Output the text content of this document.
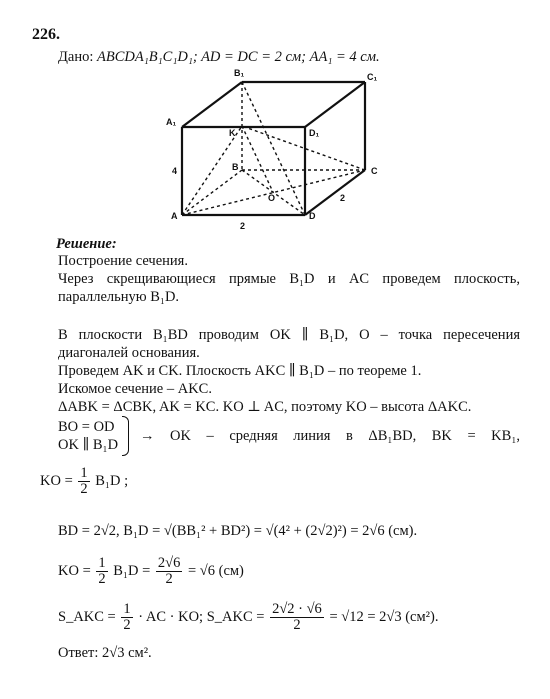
226.
Дано: ABCDA₁B₁C₁D₁; AD = DC = 2 см; AA₁ = 4 см.
B₁	C₁
A₁
D₁
K
B	C
O
A	D
4
2
2
Решение:
Построение сечения.
Через скрещивающиеся прямые B₁D и AC проведем плоскость,
параллельную B₁D.
В плоскости B₁BD проводим OK ∥ B₁D, O – точка пересечения
диагоналей основания.
Проведем AK и CK. Плоскость AKC ∥ B₁D – по теореме 1.
Искомое сечение – AKC.
ΔABK = ΔCBK, AK = KC. KO ⊥ AC, поэтому KO – высота ΔAKC.
BO = OD
OK ∥ B₁D
→ OK – средняя линия в ΔB₁BD, BK = KB₁,
KO = $\frac{1}{2} B_1D$ ;
BD = 2√2, B₁D = √(BB₁² + BD²) = √(4² + (2√2)²) = 2√6 (см).
KO = $\frac{1}{2} B_1D = \frac{2√6}{2} = √6$ (см)
S_AKC = $\frac{1}{2}$ · AC · KO; S_AKC = $\frac{2√2 \cdot √6}{2} = √12 = 2√3$ (см²).
Ответ: 2√3 см².
